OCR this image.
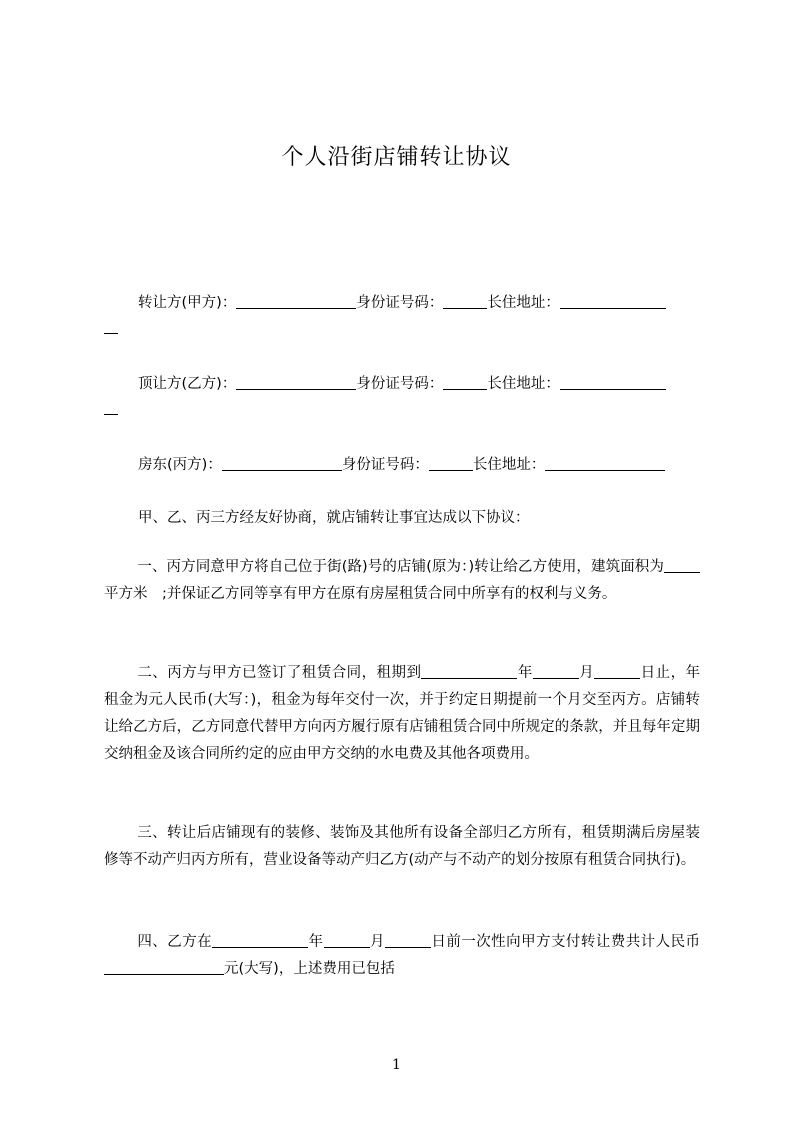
个人沿街店铺转让协议
转让方(甲方)：	身份证号码：	长住地址：
顶让方(乙方)：	身份证号码：	长住地址：
房东(丙方)：	身份证号码：	长住地址：
甲、乙、丙三方经友好协商，就店铺转让事宜达成以下协议：
一、丙方同意甲方将自己位于街(路)号的店铺(原为：)转让给乙方使用，建筑面积为平方米　;并保证乙方同等享有甲方在原有房屋租赁合同中所享有的权利与义务。
二、丙方与甲方已签订了租赁合同，租期到	年	月	日止，年租金为元人民币(大写：)，租金为每年交付一次，并于约定日期提前一个月交至丙方。店铺转让给乙方后，乙方同意代替甲方向丙方履行原有店铺租赁合同中所规定的条款，并且每年定期交纳租金及该合同所约定的应由甲方交纳的水电费及其他各项费用。
三、转让后店铺现有的装修、装饰及其他所有设备全部归乙方所有，租赁期满后房屋装修等不动产归丙方所有，营业设备等动产归乙方(动产与不动产的划分按原有租赁合同执行)。
四、乙方在	年	月	日前一次性向甲方支付转让费共计人民币元(大写)，上述费用已包括
1
